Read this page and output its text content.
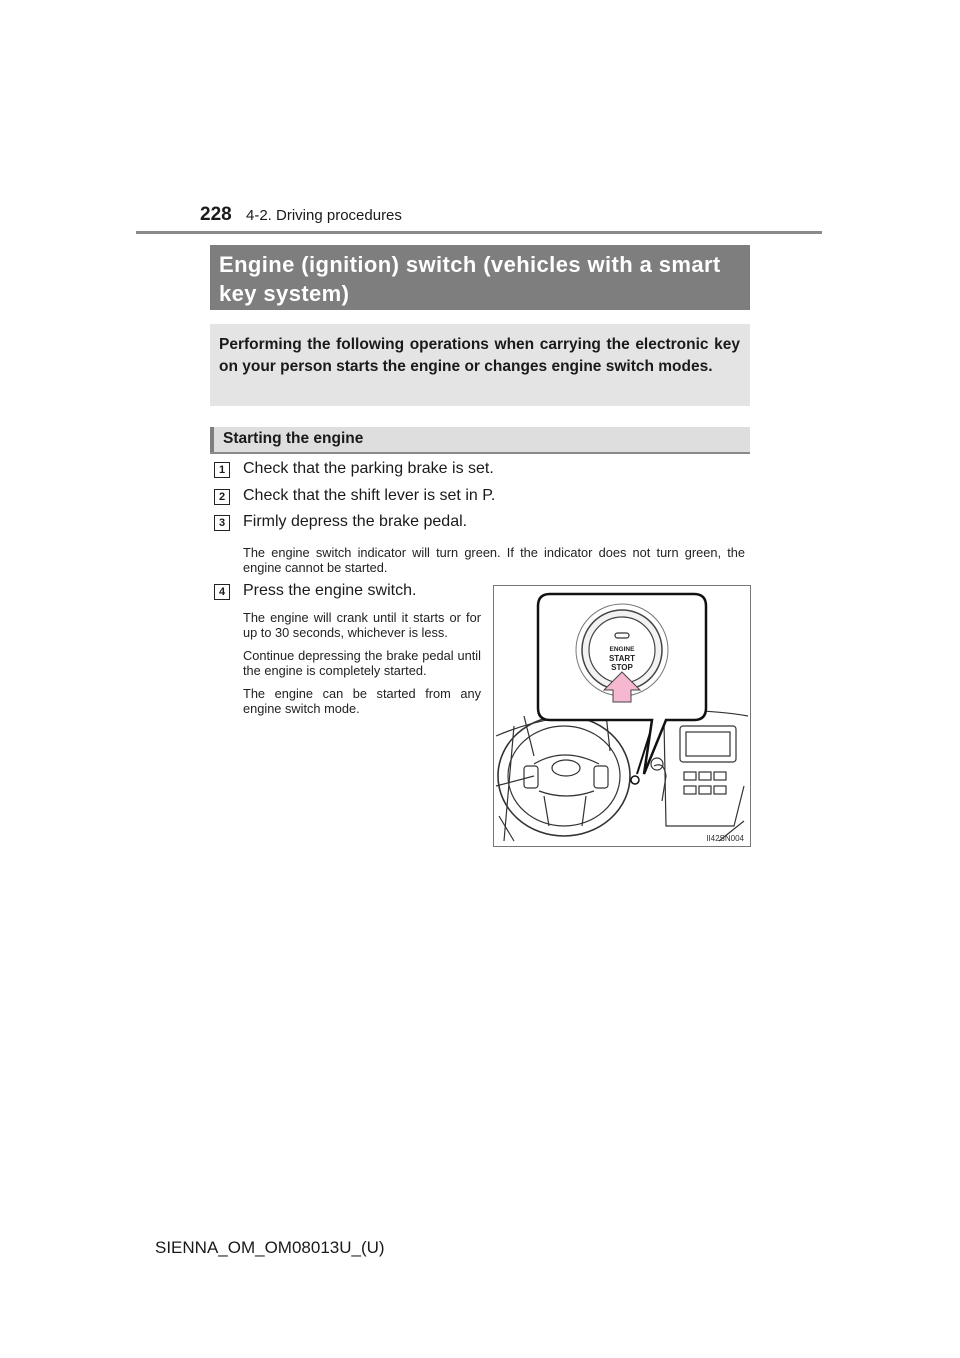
228 4-2. Driving procedures
Engine (ignition) switch (vehicles with a smart key system)
Performing the following operations when carrying the electronic key on your person starts the engine or changes engine switch modes.
Starting the engine
1	Check that the parking brake is set.
2	Check that the shift lever is set in P.
3	Firmly depress the brake pedal.
The engine switch indicator will turn green. If the indicator does not turn green, the engine cannot be started.
4	Press the engine switch.

The engine will crank until it starts or for up to 30 seconds, whichever is less.

Continue depressing the brake pedal until the engine is completely started.

The engine can be started from any engine switch mode.

ENGINE
START
STOP
II42SN004
SIENNA_OM_OM08013U_(U)
